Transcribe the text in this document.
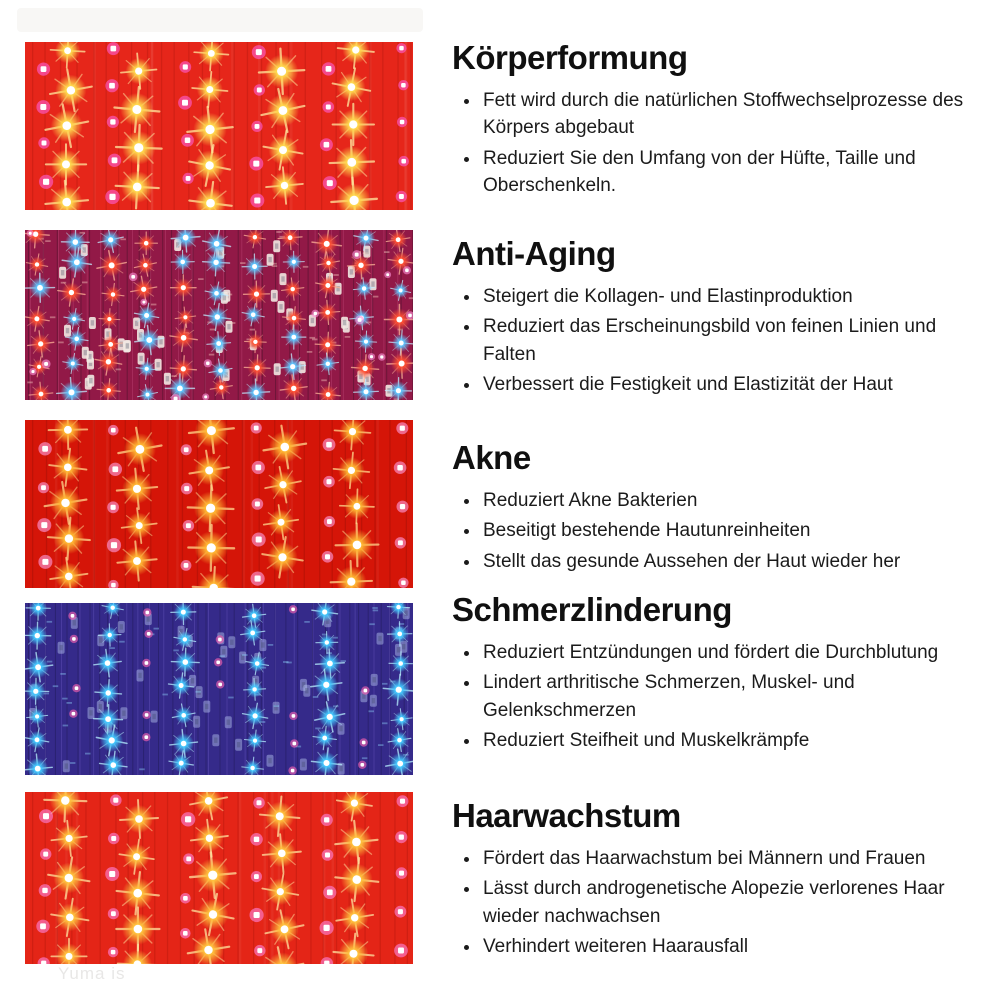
Körperformung
• Fett wird durch die natürlichen Stoffwechselprozesse des Körpers abgebaut
• Reduziert Sie den Umfang von der Hüfte, Taille und Oberschenkeln.
Anti-Aging
• Steigert die Kollagen- und Elastinproduktion
• Reduziert das Erscheinungsbild von feinen Linien und Falten
• Verbessert die Festigkeit und Elastizität der Haut
Akne
• Reduziert Akne Bakterien
• Beseitigt bestehende Hautunreinheiten
• Stellt das gesunde Aussehen der Haut wieder her
Schmerzlinderung
• Reduziert Entzündungen und fördert die Durchblutung
• Lindert arthritische Schmerzen, Muskel- und Gelenkschmerzen
• Reduziert Steifheit und Muskelkrämpfe
Haarwachstum
• Fördert das Haarwachstum bei Männern und Frauen
• Lässt durch androgenetische Alopezie verlorenes Haar wieder nachwachsen
• Verhindert weiteren Haarausfall
Yuma is
